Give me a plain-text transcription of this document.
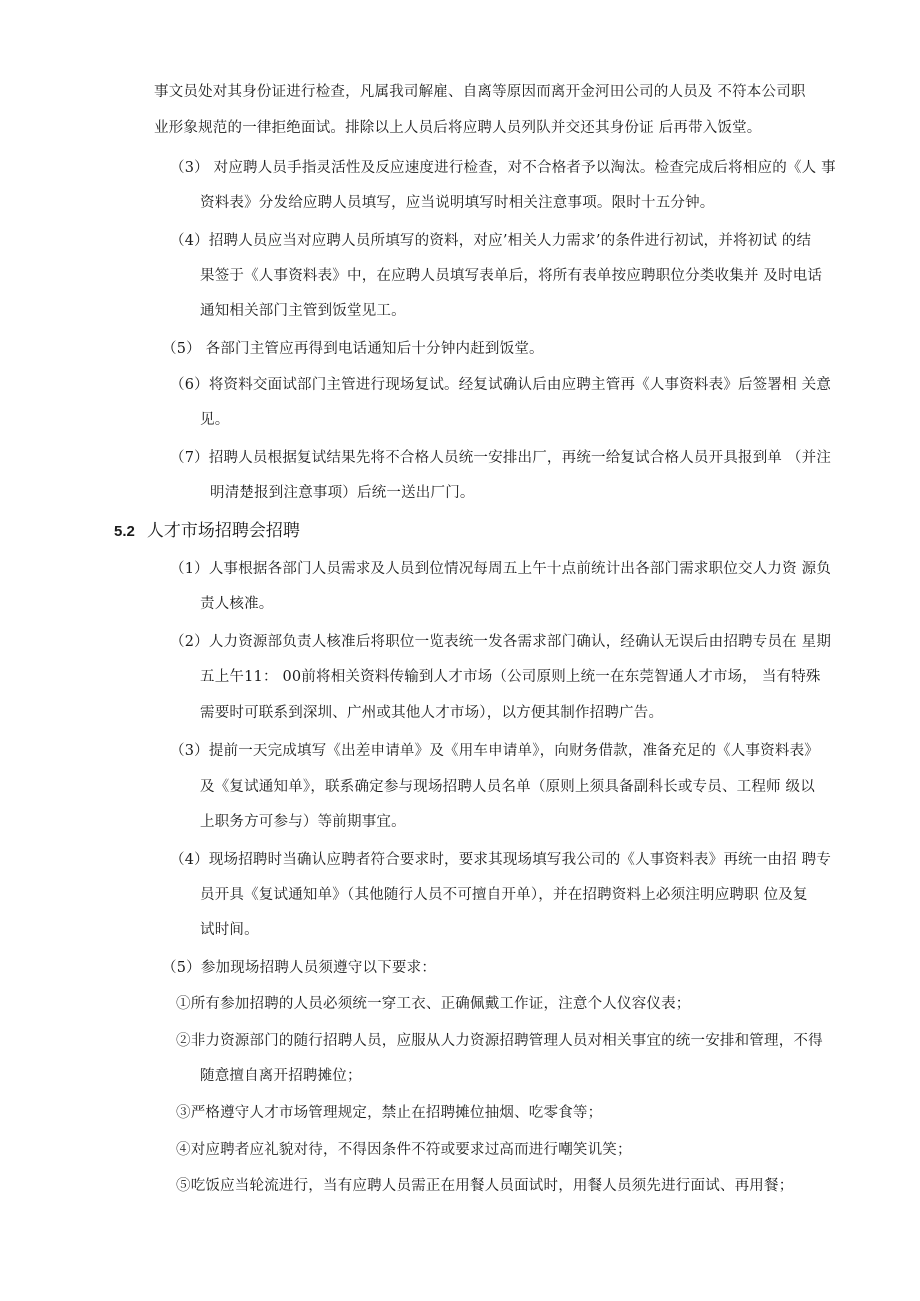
事文员处对其身份证进行检查，凡属我司解雇、自离等原因而离开金河田公司的人员及 不符本公司职
业形象规范的一律拒绝面试。排除以上人员后将应聘人员列队并交还其身份证 后再带入饭堂。
（3） 对应聘人员手指灵活性及反应速度进行检查，对不合格者予以淘汰。检查完成后将相应的《人 事
资料表》分发给应聘人员填写，应当说明填写时相关注意事项。限时十五分钟。
（4）招聘人员应当对应聘人员所填写的资料，对应’相关人力需求’的条件进行初试，并将初试 的结
果签于《人事资料表》中，在应聘人员填写表单后，将所有表单按应聘职位分类收集并 及时电话
通知相关部门主管到饭堂见工。
（5） 各部门主管应再得到电话通知后十分钟内赶到饭堂。
（6）将资料交面试部门主管进行现场复试。经复试确认后由应聘主管再《人事资料表》后签署相 关意
见。
（7）招聘人员根据复试结果先将不合格人员统一安排出厂，再统一给复试合格人员开具报到单 （并注
明清楚报到注意事项）后统一送出厂门。
5.2 人才市场招聘会招聘
（1）人事根据各部门人员需求及人员到位情况每周五上午十点前统计出各部门需求职位交人力资 源负
责人核准。
（2）人力资源部负责人核准后将职位一览表统一发各需求部门确认，经确认无误后由招聘专员在 星期
五上午11： 00前将相关资料传输到人才市场（公司原则上统一在东莞智通人才市场， 当有特殊
需要时可联系到深圳、广州或其他人才市场），以方便其制作招聘广告。
（3）提前一天完成填写《出差申请单》及《用车申请单》，向财务借款，准备充足的《人事资料表》
及《复试通知单》，联系确定参与现场招聘人员名单（原则上须具备副科长或专员、工程师 级以
上职务方可参与）等前期事宜。
（4）现场招聘时当确认应聘者符合要求时，要求其现场填写我公司的《人事资料表》再统一由招 聘专
员开具《复试通知单》（其他随行人员不可擅自开单），并在招聘资料上必须注明应聘职 位及复
试时间。
（5）参加现场招聘人员须遵守以下要求：
①所有参加招聘的人员必须统一穿工衣、正确佩戴工作证，注意个人仪容仪表；
②非力资源部门的随行招聘人员，应服从人力资源招聘管理人员对相关事宜的统一安排和管理，不得
随意擅自离开招聘摊位；
③严格遵守人才市场管理规定，禁止在招聘摊位抽烟、吃零食等；
④对应聘者应礼貌对待，不得因条件不符或要求过高而进行嘲笑讥笑；
⑤吃饭应当轮流进行，当有应聘人员需正在用餐人员面试时，用餐人员须先进行面试、再用餐；
